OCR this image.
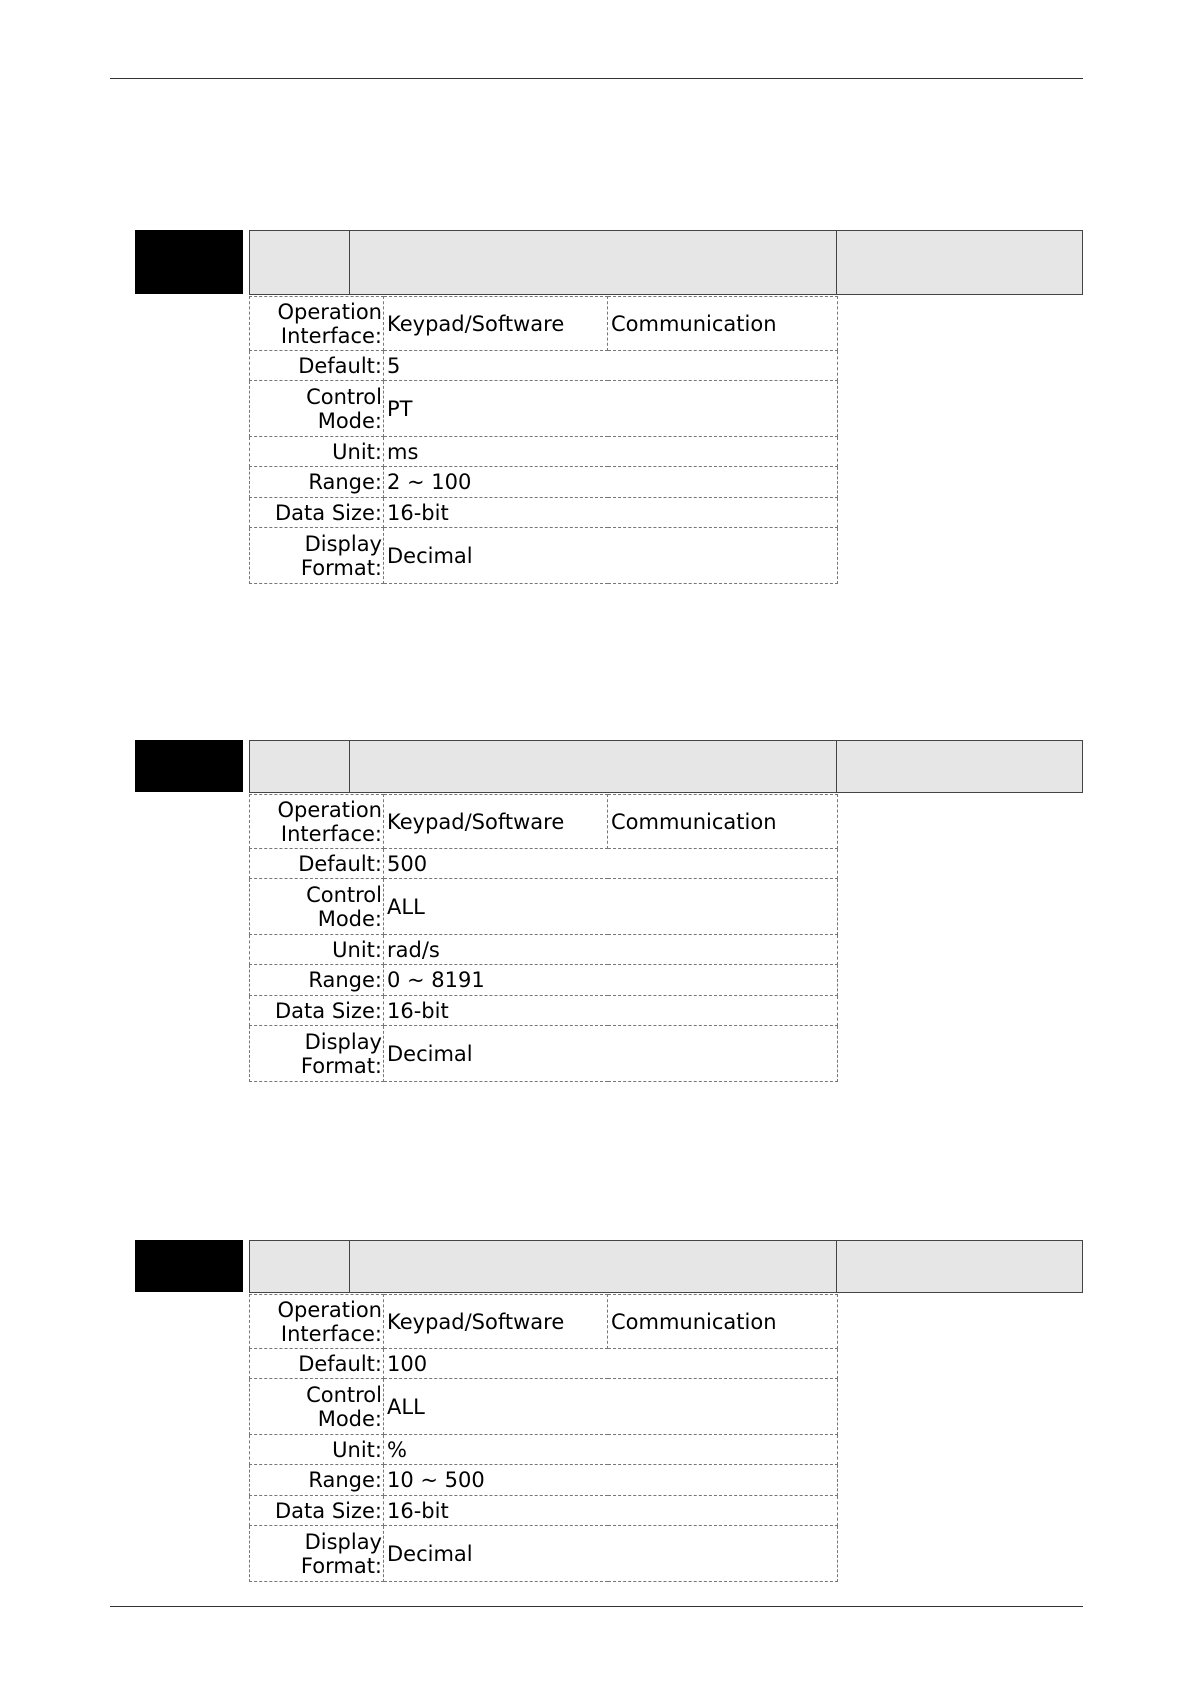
Operation Interface:	Keypad/Software	Communication
Default:	5	
Control Mode:	PT	
Unit:	ms	
Range:	2 ~ 100	
Data Size:	16-bit	
Display Format:	Decimal	
Operation Interface:	Keypad/Software	Communication
Default:	500	
Control Mode:	ALL	
Unit:	rad/s	
Range:	0 ~ 8191	
Data Size:	16-bit	
Display Format:	Decimal	
Operation Interface:	Keypad/Software	Communication
Default:	100	
Control Mode:	ALL	
Unit:	%	
Range:	10 ~ 500	
Data Size:	16-bit	
Display Format:	Decimal	
